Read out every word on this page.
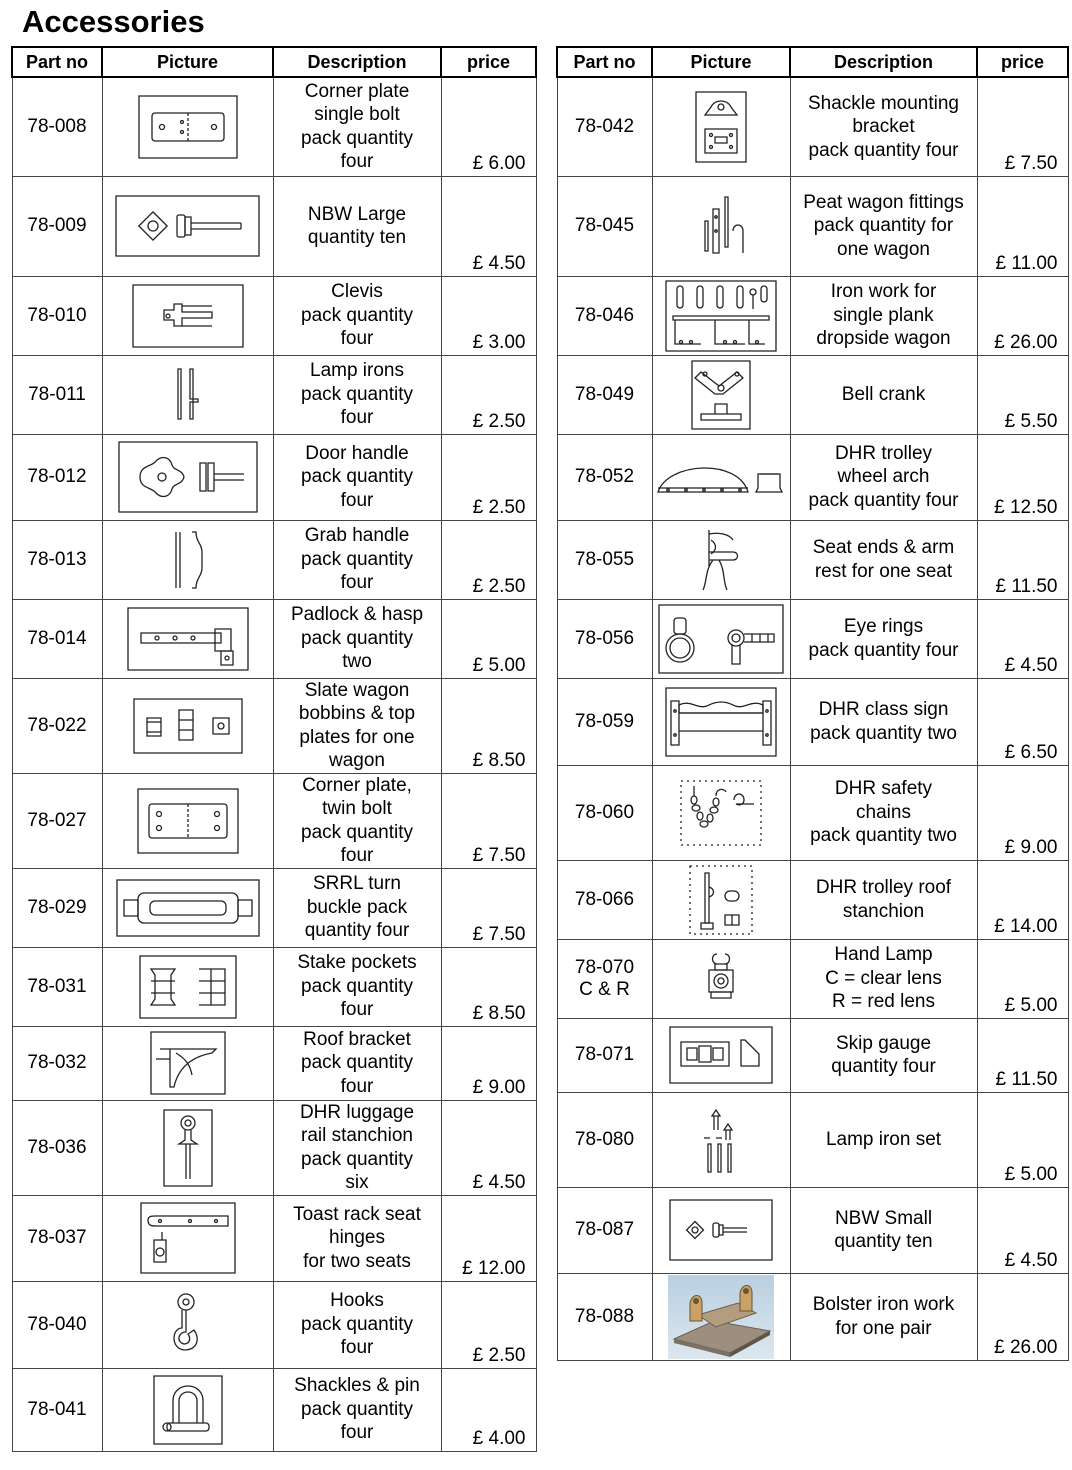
Accessories
Part no	Picture	Description	price
78-008		Corner plate
single bolt
pack quantity
four	£ 6.00
78-009		NBW Large
quantity ten	£ 4.50
78-010		Clevis
pack quantity
four	£ 3.00
78-011		Lamp irons
pack quantity
four	£ 2.50
78-012		Door handle
pack quantity
four	£ 2.50
78-013		Grab handle
pack quantity
four	£ 2.50
78-014		Padlock & hasp
pack quantity
two	£ 5.00
78-022		Slate wagon
bobbins & top
plates for one
wagon	£ 8.50
78-027		Corner plate,
twin bolt
pack quantity
four	£ 7.50
78-029		SRRL turn
buckle pack
quantity four	£ 7.50
78-031		Stake pockets
pack quantity
four	£ 8.50
78-032		Roof bracket
pack quantity
four	£ 9.00
78-036		DHR luggage
rail stanchion
pack quantity
six	£ 4.50
78-037		Toast rack seat
hinges
for two seats	£ 12.00
78-040		Hooks
pack quantity
four	£ 2.50
78-041		Shackles & pin
pack quantity
four	£ 4.00
Part no	Picture	Description	price
78-042		Shackle mounting
bracket
pack quantity four	£ 7.50
78-045		Peat wagon fittings
pack quantity for
one wagon	£ 11.00
78-046		Iron work for
single plank
dropside wagon	£ 26.00
78-049		Bell crank	£ 5.50
78-052		DHR trolley
wheel arch
pack quantity four	£ 12.50
78-055		Seat ends & arm
rest for one seat	£ 11.50
78-056		Eye rings
pack quantity four	£ 4.50
78-059		DHR class sign
pack quantity two	£ 6.50
78-060		DHR safety
chains
pack quantity two	£ 9.00
78-066		DHR trolley roof
stanchion	£ 14.00
78-070
C & R		Hand Lamp
C = clear lens
R = red lens	£ 5.00
78-071		Skip gauge
quantity four	£ 11.50
78-080		Lamp iron set	£ 5.00
78-087		NBW Small
quantity ten	£ 4.50
78-088		Bolster iron work
for one pair	£ 26.00
